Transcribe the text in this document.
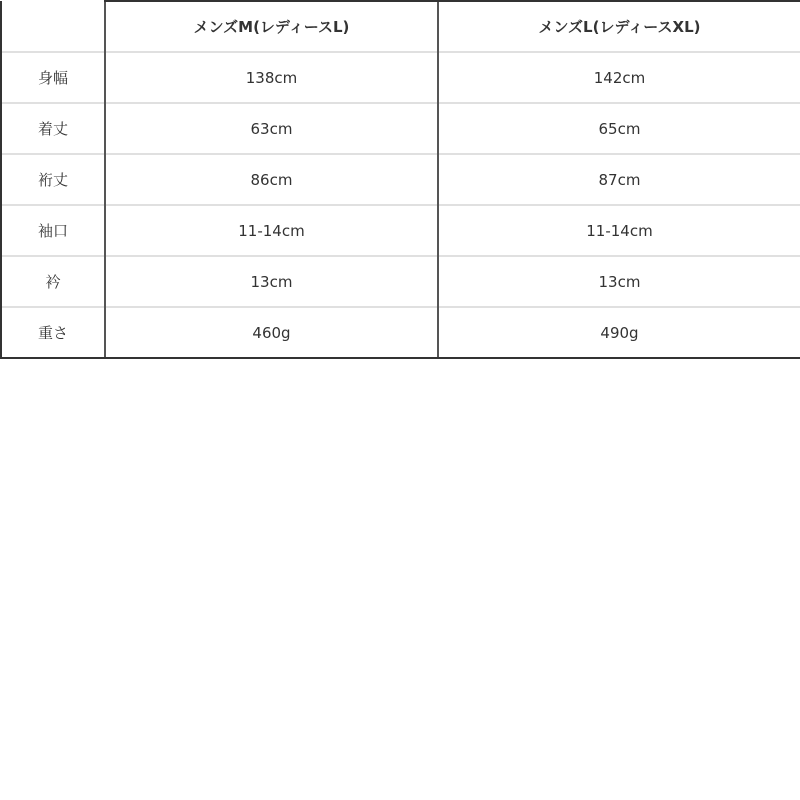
	メンズM(レディースL)	メンズL(レディースXL)
身幅	138cm	142cm
着丈	63cm	65cm
裄丈	86cm	87cm
袖口	11-14cm	11-14cm
衿	13cm	13cm
重さ	460g	490g
